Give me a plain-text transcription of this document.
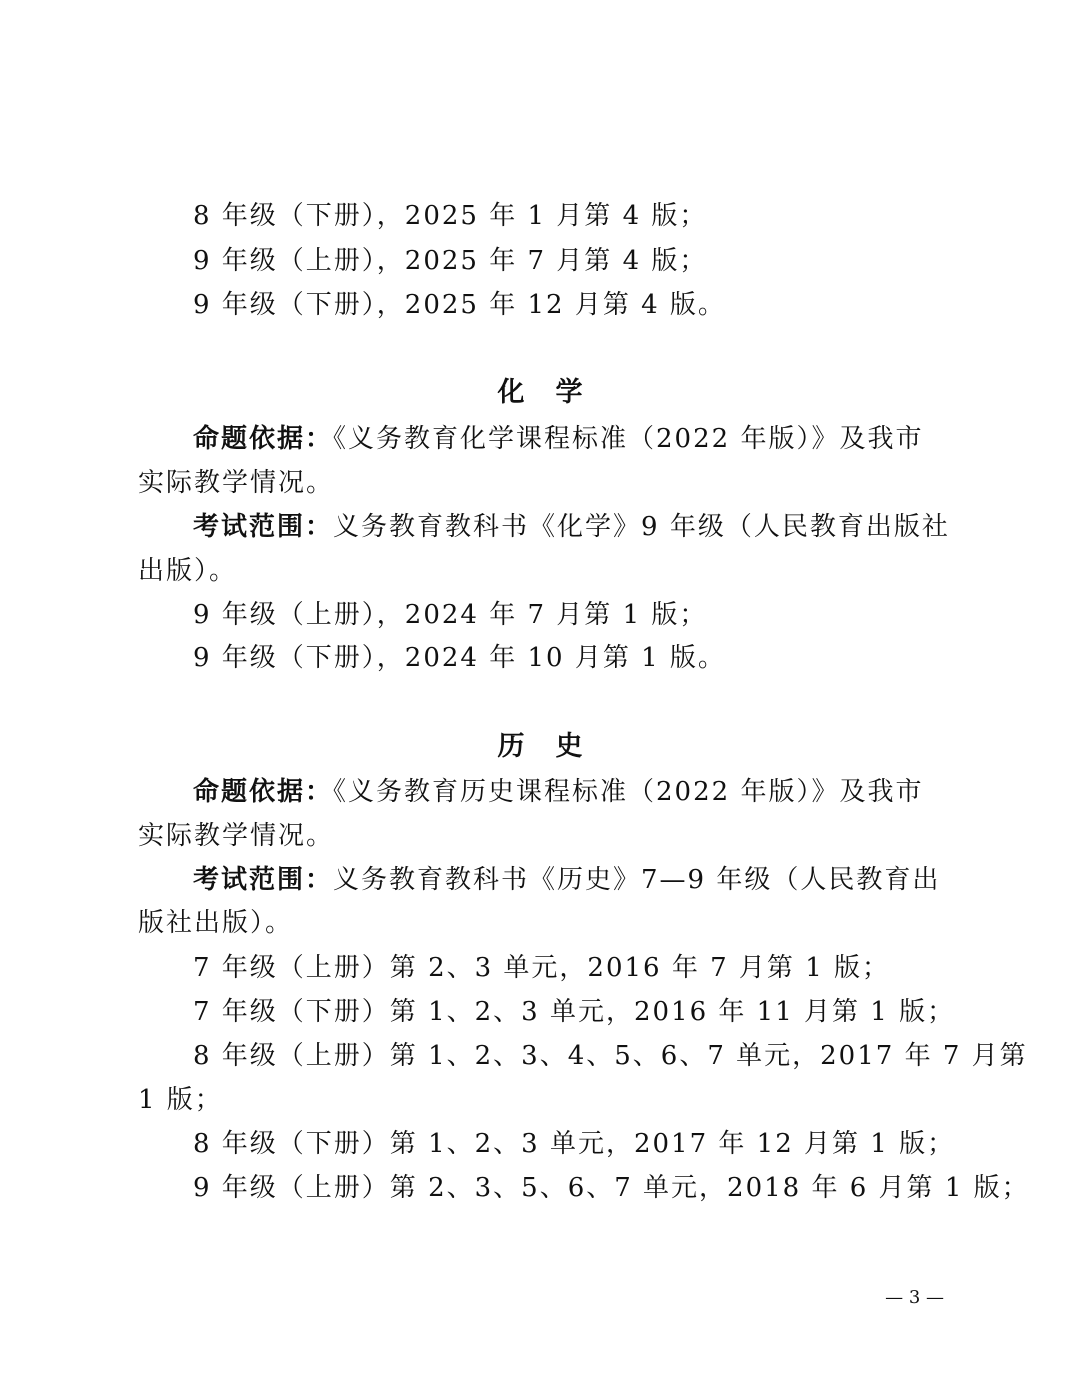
8 年级（下册），2025 年 1 月第 4 版；
9 年级（上册），2025 年 7 月第 4 版；
9 年级（下册），2025 年 12 月第 4 版。
化　学
命题依据：《义务教育化学课程标准（2022 年版）》及我市
实际教学情况。
考试范围：义务教育教科书《化学》9 年级（人民教育出版社
出版）。
9 年级（上册），2024 年 7 月第 1 版；
9 年级（下册），2024 年 10 月第 1 版。
历　史
命题依据：《义务教育历史课程标准（2022 年版）》及我市
实际教学情况。
考试范围：义务教育教科书《历史》7—9 年级（人民教育出
版社出版）。
7 年级（上册）第 2、3 单元，2016 年 7 月第 1 版；
7 年级（下册）第 1、2、3 单元，2016 年 11 月第 1 版；
8 年级（上册）第 1、2、3、4、5、6、7 单元，2017 年 7 月第
1 版；
8 年级（下册）第 1、2、3 单元，2017 年 12 月第 1 版；
9 年级（上册）第 2、3、5、6、7 单元，2018 年 6 月第 1 版；
— 3 —
